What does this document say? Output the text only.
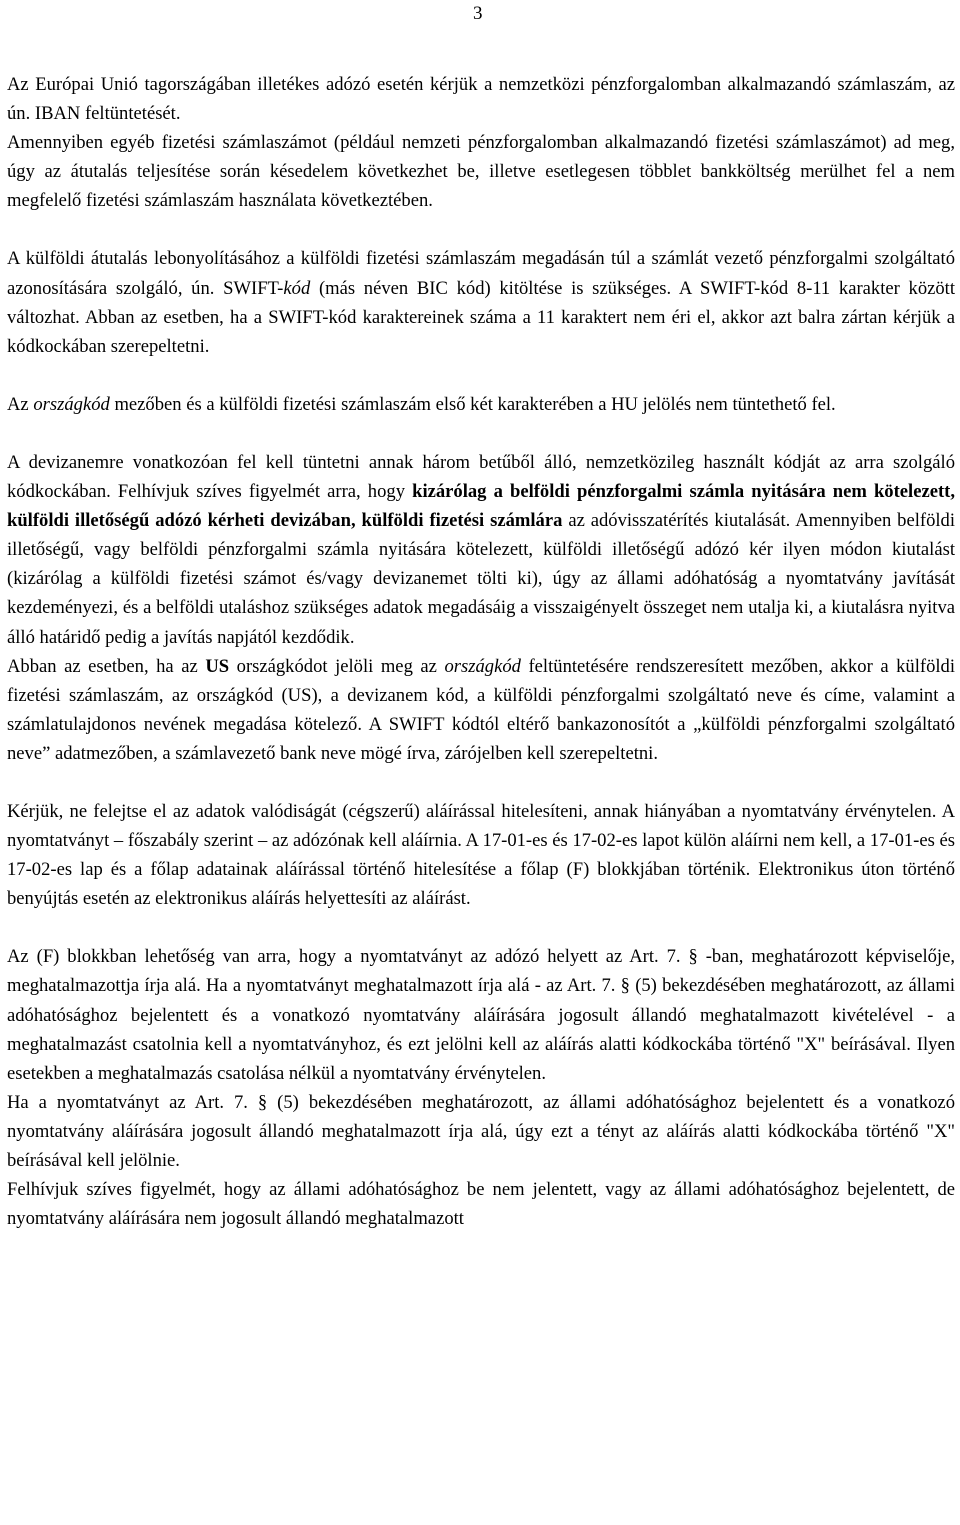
3

Az Európai Unió tagországában illetékes adózó esetén kérjük a nemzetközi pénzforgalomban alkalmazandó számlaszám, az ún. IBAN feltüntetését.

Amennyiben egyéb fizetési számlaszámot (például nemzeti pénzforgalomban alkalmazandó fizetési számlaszámot) ad meg, úgy az átutalás teljesítése során késedelem következhet be, illetve esetlegesen többlet bankköltség merülhet fel a nem megfelelő fizetési számlaszám használata következtében.

A külföldi átutalás lebonyolításához a külföldi fizetési számlaszám megadásán túl a számlát vezető pénzforgalmi szolgáltató azonosítására szolgáló, ún. SWIFT-kód (más néven BIC kód) kitöltése is szükséges. A SWIFT-kód 8-11 karakter között változhat. Abban az esetben, ha a SWIFT-kód karaktereinek száma a 11 karaktert nem éri el, akkor azt balra zártan kérjük a kódkockában szerepeltetni.

Az országkód mezőben és a külföldi fizetési számlaszám első két karakterében a HU jelölés nem tüntethető fel.

A devizanemre vonatkozóan fel kell tüntetni annak három betűből álló, nemzetközileg használt kódját az arra szolgáló kódkockában. Felhívjuk szíves figyelmét arra, hogy kizárólag a belföldi pénzforgalmi számla nyitására nem kötelezett, külföldi illetőségű adózó kérheti devizában, külföldi fizetési számlára az adóvisszatérítés kiutalását. Amennyiben belföldi illetőségű, vagy belföldi pénzforgalmi számla nyitására kötelezett, külföldi illetőségű adózó kér ilyen módon kiutalást (kizárólag a külföldi fizetési számot és/vagy devizanemet tölti ki), úgy az állami adóhatóság a nyomtatvány javítását kezdeményezi, és a belföldi utaláshoz szükséges adatok megadásáig a visszaigényelt összeget nem utalja ki, a kiutalásra nyitva álló határidő pedig a javítás napjától kezdődik.

Abban az esetben, ha az US országkódot jelöli meg az országkód feltüntetésére rendszeresített mezőben, akkor a külföldi fizetési számlaszám, az országkód (US), a devizanem kód, a külföldi pénzforgalmi szolgáltató neve és címe, valamint a számlatulajdonos nevének megadása kötelező. A SWIFT kódtól eltérő bankazonosítót a „külföldi pénzforgalmi szolgáltató neve” adatmezőben, a számlavezető bank neve mögé írva, zárójelben kell szerepeltetni.

Kérjük, ne felejtse el az adatok valódiságát (cégszerű) aláírással hitelesíteni, annak hiányában a nyomtatvány érvénytelen. A nyomtatványt – főszabály szerint – az adózónak kell aláírnia. A 17-01-es és 17-02-es lapot külön aláírni nem kell, a 17-01-es és 17-02-es lap és a főlap adatainak aláírással történő hitelesítése a főlap (F) blokkjában történik. Elektronikus úton történő benyújtás esetén az elektronikus aláírás helyettesíti az aláírást.

Az (F) blokkban lehetőség van arra, hogy a nyomtatványt az adózó helyett az Art. 7. § -ban, meghatározott képviselője, meghatalmazottja írja alá. Ha a nyomtatványt meghatalmazott írja alá - az Art. 7. § (5) bekezdésében meghatározott, az állami adóhatósághoz bejelentett és a vonatkozó nyomtatvány aláírására jogosult állandó meghatalmazott kivételével - a meghatalmazást csatolnia kell a nyomtatványhoz, és ezt jelölni kell az aláírás alatti kódkockába történő "X" beírásával. Ilyen esetekben a meghatalmazás csatolása nélkül a nyomtatvány érvénytelen.

Ha a nyomtatványt az Art. 7. § (5) bekezdésében meghatározott, az állami adóhatósághoz bejelentett és a vonatkozó nyomtatvány aláírására jogosult állandó meghatalmazott írja alá, úgy ezt a tényt az aláírás alatti kódkockába történő "X" beírásával kell jelölnie.

Felhívjuk szíves figyelmét, hogy az állami adóhatósághoz be nem jelentett, vagy az állami adóhatósághoz bejelentett, de nyomtatvány aláírására nem jogosult állandó meghatalmazott
